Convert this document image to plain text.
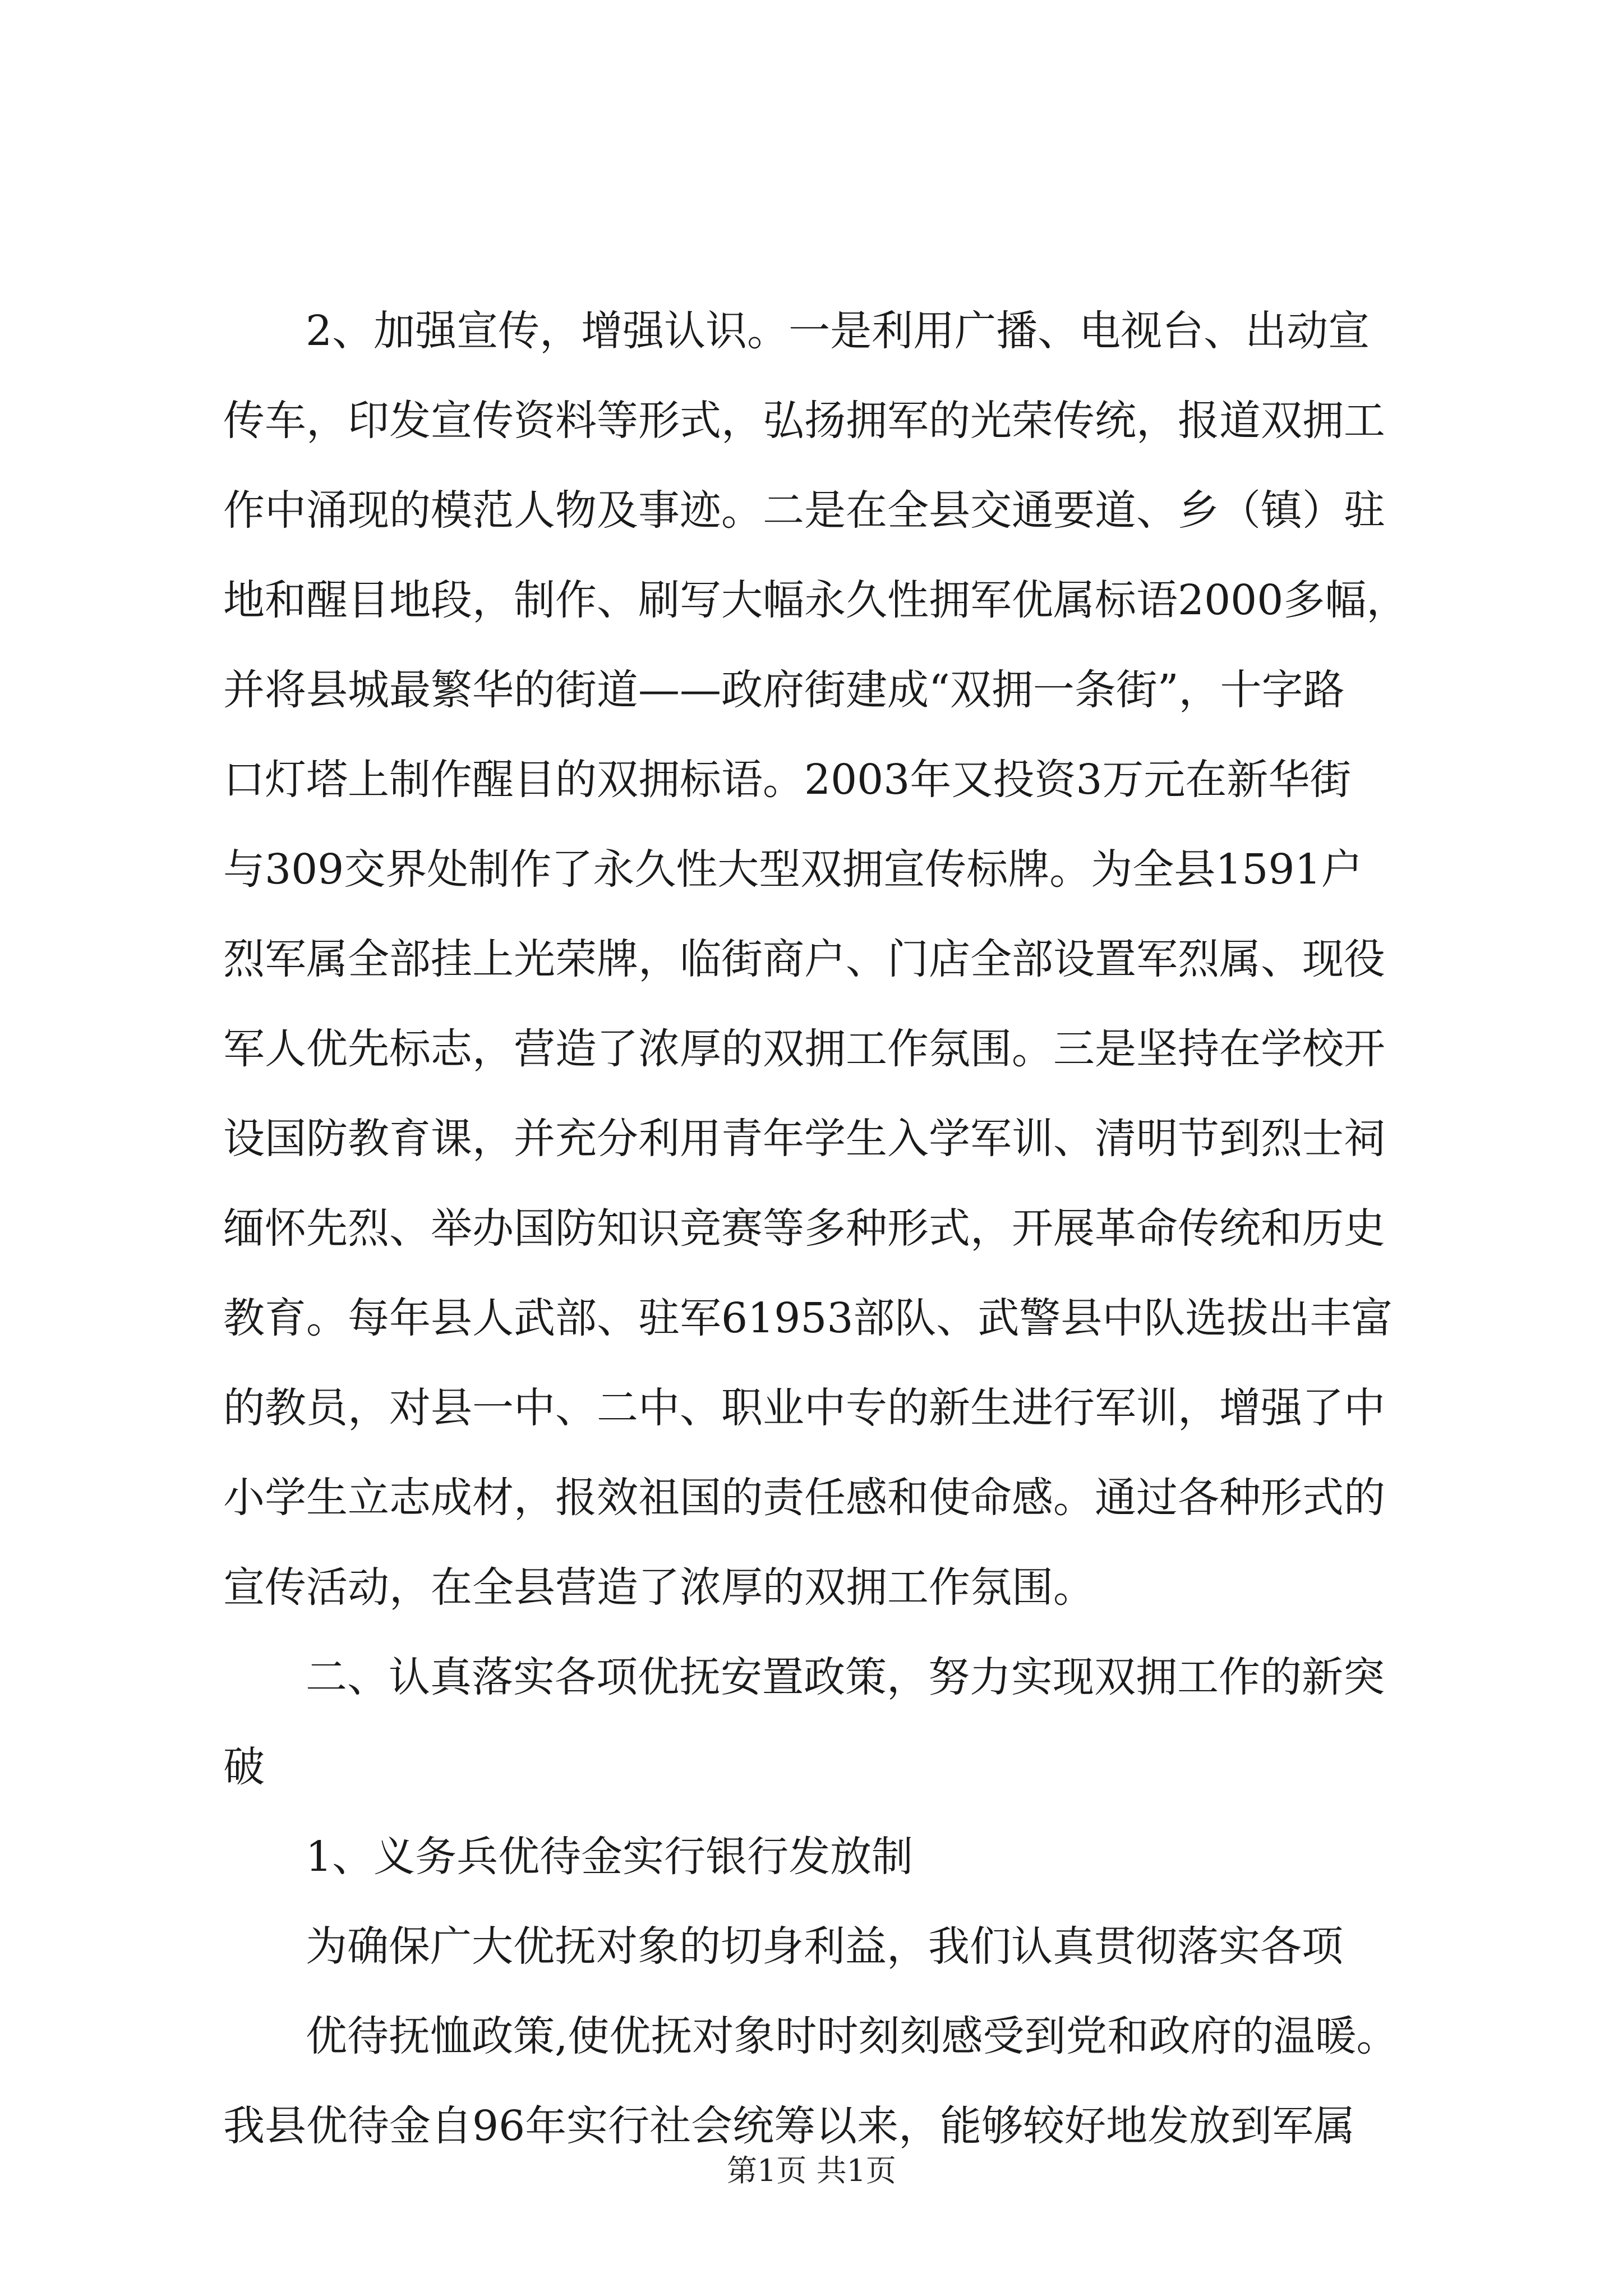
2、加强宣传，增强认识。一是利用广播、电视台、出动宣
传车，印发宣传资料等形式，弘扬拥军的光荣传统，报道双拥工
作中涌现的模范人物及事迹。二是在全县交通要道、乡（镇）驻
地和醒目地段，制作、刷写大幅永久性拥军优属标语2000多幅，
并将县城最繁华的街道——政府街建成“双拥一条街”，十字路
口灯塔上制作醒目的双拥标语。2003年又投资3万元在新华街
与309交界处制作了永久性大型双拥宣传标牌。为全县1591户
烈军属全部挂上光荣牌，临街商户、门店全部设置军烈属、现役
军人优先标志，营造了浓厚的双拥工作氛围。三是坚持在学校开
设国防教育课，并充分利用青年学生入学军训、清明节到烈士祠
缅怀先烈、举办国防知识竞赛等多种形式，开展革命传统和历史
教育。每年县人武部、驻军61953部队、武警县中队选拔出丰富
的教员，对县一中、二中、职业中专的新生进行军训，增强了中
小学生立志成材，报效祖国的责任感和使命感。通过各种形式的
宣传活动，在全县营造了浓厚的双拥工作氛围。
二、认真落实各项优抚安置政策，努力实现双拥工作的新突
破
1、义务兵优待金实行银行发放制
为确保广大优抚对象的切身利益，我们认真贯彻落实各项
优待抚恤政策,使优抚对象时时刻刻感受到党和政府的温暖。
我县优待金自96年实行社会统筹以来，能够较好地发放到军属
第1页 共1页
